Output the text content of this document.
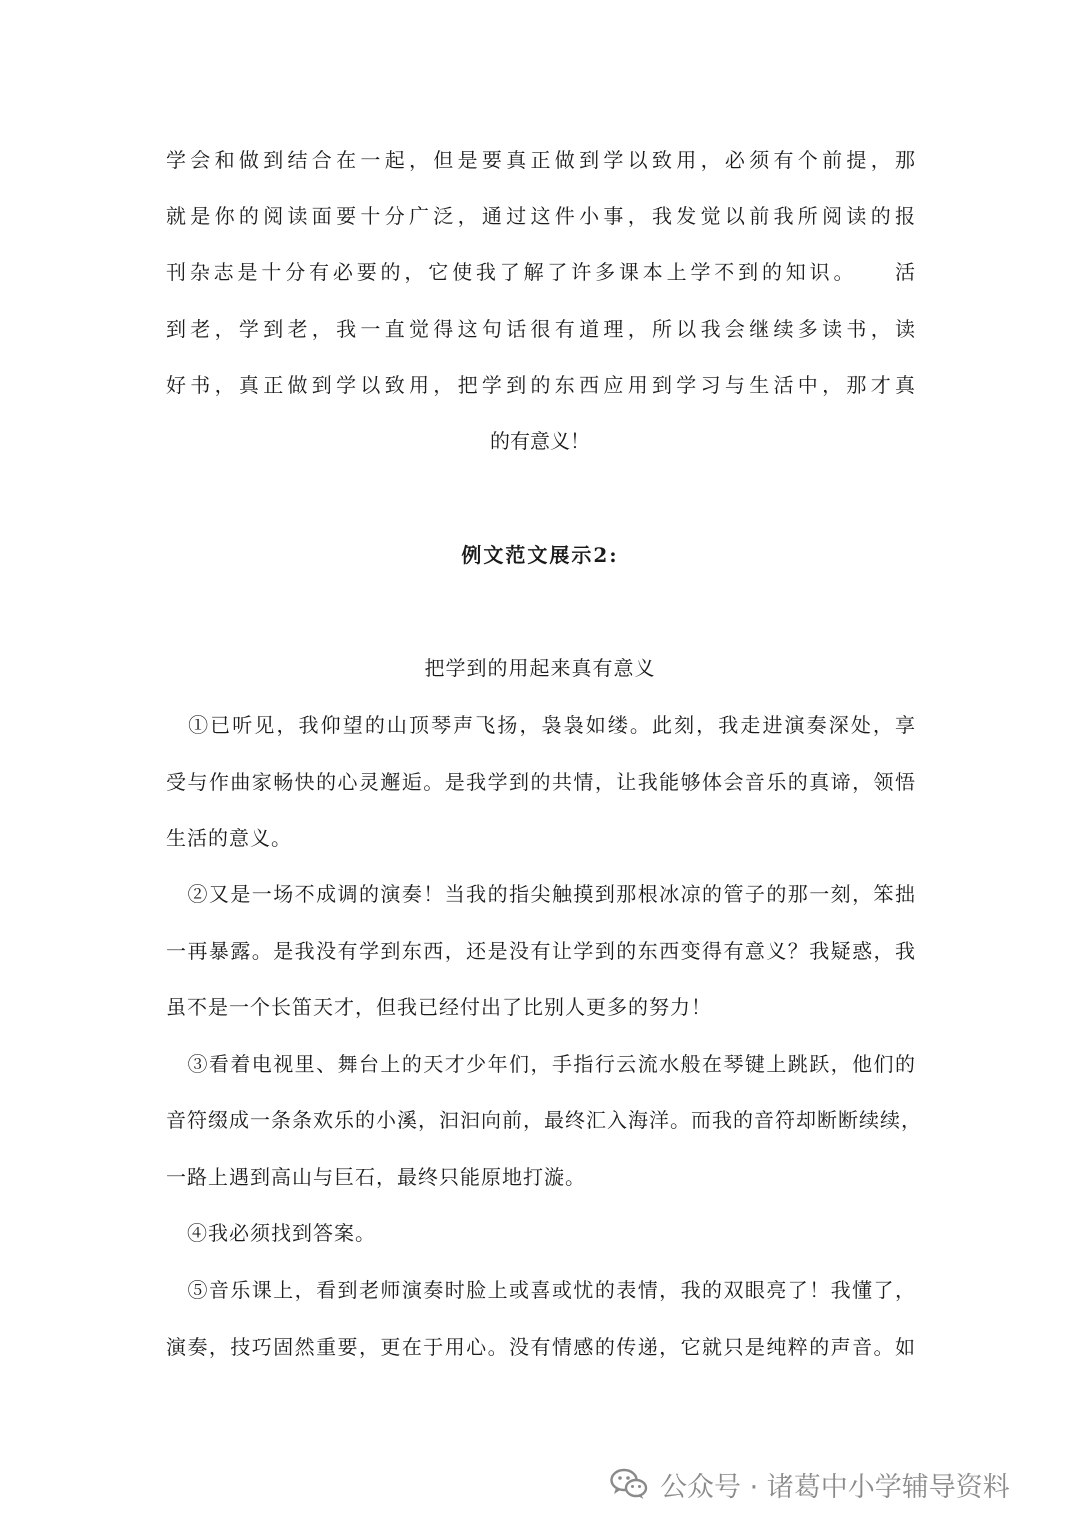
学会和做到结合在一起，但是要真正做到学以致用，必须有个前提，那
就是你的阅读面要十分广泛，通过这件小事，我发觉以前我所阅读的报
刊杂志是十分有必要的，它使我了解了许多课本上学不到的知识。　　活
到老，学到老，我一直觉得这句话很有道理，所以我会继续多读书，读
好书，真正做到学以致用，把学到的东西应用到学习与生活中，那才真
的有意义！
例文范文展示2:
把学到的用起来真有意义
　①已听见，我仰望的山顶琴声飞扬，袅袅如缕。此刻，我走进演奏深处，享
受与作曲家畅快的心灵邂逅。是我学到的共情，让我能够体会音乐的真谛，领悟
生活的意义。
　②又是一场不成调的演奏！当我的指尖触摸到那根冰凉的管子的那一刻，笨拙
一再暴露。是我没有学到东西，还是没有让学到的东西变得有意义？我疑惑，我
虽不是一个长笛天才，但我已经付出了比别人更多的努力！
　③看着电视里、舞台上的天才少年们，手指行云流水般在琴键上跳跃，他们的
音符缀成一条条欢乐的小溪，汩汩向前，最终汇入海洋。而我的音符却断断续续，
一路上遇到高山与巨石，最终只能原地打漩。
　④我必须找到答案。
　⑤音乐课上，看到老师演奏时脸上或喜或忧的表情，我的双眼亮了！我懂了，
演奏，技巧固然重要，更在于用心。没有情感的传递，它就只是纯粹的声音。如
公众号 · 诸葛中小学辅导资料
